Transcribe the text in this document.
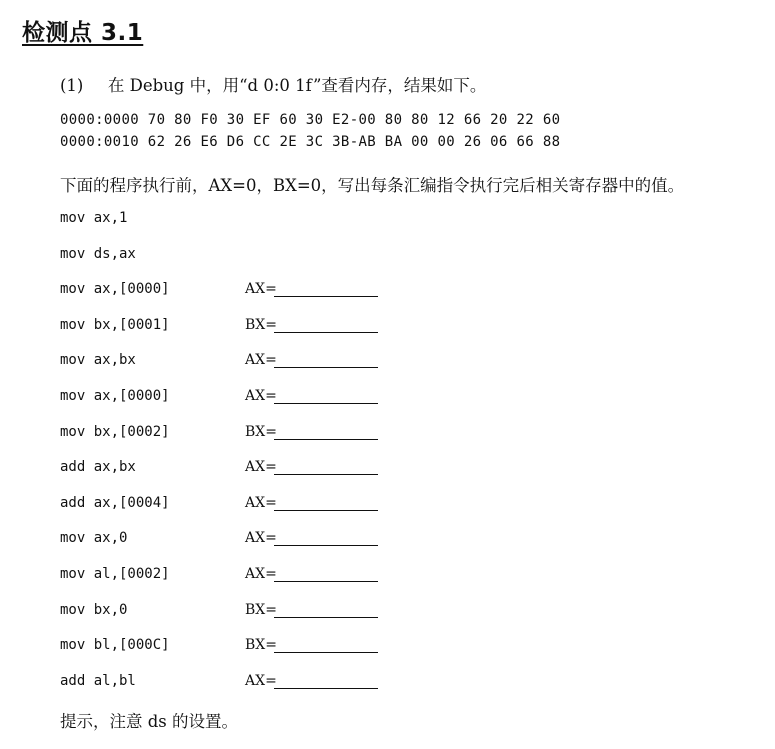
检测点 3.1
(1) 在 Debug 中，用“d 0:0 1f”查看内存，结果如下。
0000:0000 70 80 F0 30 EF 60 30 E2-00 80 80 12 66 20 22 60
0000:0010 62 26 E6 D6 CC 2E 3C 3B-AB BA 00 00 26 06 66 88
下面的程序执行前，AX=0，BX=0，写出每条汇编指令执行完后相关寄存器中的值。
mov ax,1
mov ds,ax
mov ax,[0000]	AX=
mov bx,[0001]	BX=
mov ax,bx	AX=
mov ax,[0000]	AX=
mov bx,[0002]	BX=
add ax,bx	AX=
add ax,[0004]	AX=
mov ax,0	AX=
mov al,[0002]	AX=
mov bx,0	BX=
mov bl,[000C]	BX=
add al,bl	AX=
提示，注意 ds 的设置。
